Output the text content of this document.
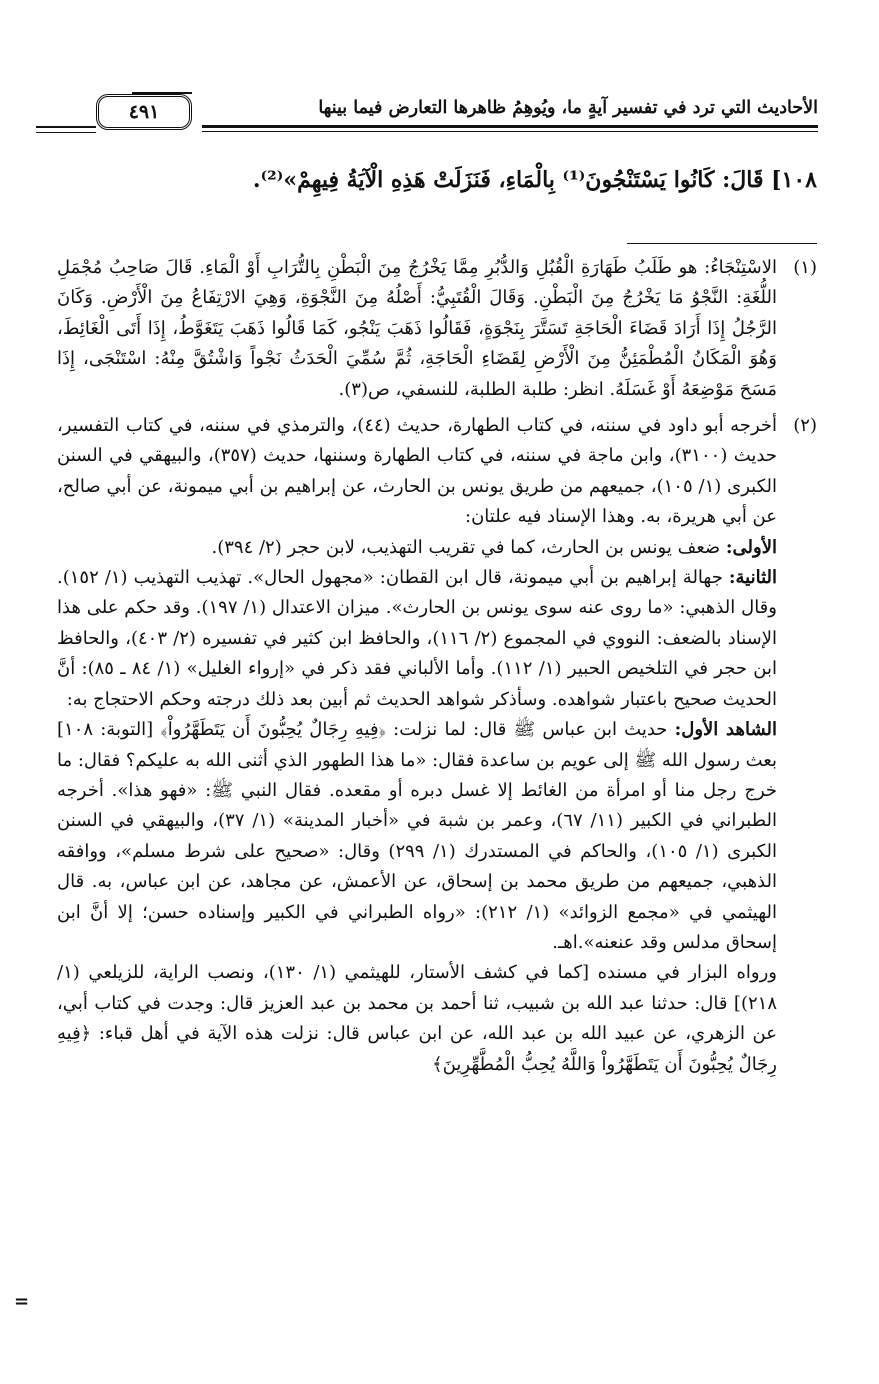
الأحاديث التي ترد في تفسير آيةٍ ما، ويُوهِمُ ظاهرها التعارض فيما بينها
٤٩١
١٠٨] قَالَ: كَانُوا يَسْتَنْجُونَ⁽¹⁾ بِالْمَاءِ، فَنَزَلَتْ هَذِهِ الْآيَةُ فِيهِمْ»⁽²⁾.
(١)

الاسْتِنْجَاءُ: هو طَلَبُ طَهَارَةِ الْقُبُلِ وَالدُّبُرِ مِمَّا يَخْرُجُ مِنَ الْبَطْنِ بِالتُّرَابِ أَوْ الْمَاءِ. قَالَ صَاحِبُ مُجْمَلِ اللُّغَةِ: النَّجْوُ مَا يَخْرُجُ مِنَ الْبَطْنِ. وَقَالَ الْقُتَبِيُّ: أَصْلُهُ مِنَ النَّجْوَةِ، وَهِيَ الارْتِفَاعُ مِنَ الْأَرْضِ. وَكَانَ الرَّجُلُ إِذَا أَرَادَ قَضَاءَ الْحَاجَةِ تَسَتَّرَ بِنَجْوَةٍ، فَقَالُوا ذَهَبَ يَنْجُو، كَمَا قَالُوا ذَهَبَ يَتَغَوَّطُ، إِذَا أَتَى الْغَائِطَ، وَهُوَ الْمَكَانُ الْمُطْمَئِنُّ مِنَ الْأَرْضِ لِقَضَاءِ الْحَاجَةِ، ثُمَّ سُمِّيَ الْحَدَثُ نَجْواً وَاشْتُقَّ مِنْهُ: اسْتَنْجَى، إِذَا مَسَحَ مَوْضِعَهُ أَوْ غَسَلَهُ. انظر: طلبة الطلبة، للنسفي، ص(٣).

(٢)

أخرجه أبو داود في سننه، في كتاب الطهارة، حديث (٤٤)، والترمذي في سننه، في كتاب التفسير، حديث (٣١٠٠)، وابن ماجة في سننه، في كتاب الطهارة وسننها، حديث (٣٥٧)، والبيهقي في السنن الكبرى (١/ ١٠٥)، جميعهم من طريق يونس بن الحارث، عن إبراهيم بن أبي ميمونة، عن أبي صالح، عن أبي هريرة، به. وهذا الإسناد فيه علتان:

الأولى: ضعف يونس بن الحارث، كما في تقريب التهذيب، لابن حجر (٢/ ٣٩٤).

الثانية: جهالة إبراهيم بن أبي ميمونة، قال ابن القطان: «مجهول الحال». تهذيب التهذيب (١/ ١٥٢). وقال الذهبي: «ما روى عنه سوى يونس بن الحارث». ميزان الاعتدال (١/ ١٩٧). وقد حكم على هذا الإسناد بالضعف: النووي في المجموع (٢/ ١١٦)، والحافظ ابن كثير في تفسيره (٢/ ٤٠٣)، والحافظ ابن حجر في التلخيص الحبير (١/ ١١٢). وأما الألباني فقد ذكر في «إرواء الغليل» (١/ ٨٤ ـ ٨٥): أنَّ الحديث صحيح باعتبار شواهده. وسأذكر شواهد الحديث ثم أبين بعد ذلك درجته وحكم الاحتجاج به:

الشاهد الأول: حديث ابن عباس ﷺ قال: لما نزلت: ﴿فِيهِ رِجَالٌ يُحِبُّونَ أَن يَتَطَهَّرُواْ﴾ [التوبة: ١٠٨] بعث رسول الله ﷺ إلى عويم بن ساعدة فقال: «ما هذا الطهور الذي أثنى الله به عليكم؟ فقال: ما خرج رجل منا أو امرأة من الغائط إلا غسل دبره أو مقعده. فقال النبي ﷺ: «فهو هذا». أخرجه الطبراني في الكبير (١١/ ٦٧)، وعمر بن شبة في «أخبار المدينة» (١/ ٣٧)، والبيهقي في السنن الكبرى (١/ ١٠٥)، والحاكم في المستدرك (١/ ٢٩٩) وقال: «صحيح على شرط مسلم»، ووافقه الذهبي، جميعهم من طريق محمد بن إسحاق، عن الأعمش، عن مجاهد، عن ابن عباس، به. قال الهيثمي في «مجمع الزوائد» (١/ ٢١٢): «رواه الطبراني في الكبير وإسناده حسن؛ إلا أنَّ ابن إسحاق مدلس وقد عنعنه».اهـ.

ورواه البزار في مسنده [كما في كشف الأستار، للهيثمي (١/ ١٣٠)، ونصب الراية، للزيلعي (١/ ٢١٨)] قال: حدثنا عبد الله بن شبيب، ثنا أحمد بن محمد بن عبد العزيز قال: وجدت في كتاب أبي، عن الزهري، عن عبيد الله بن عبد الله، عن ابن عباس قال: نزلت هذه الآية في أهل قباء: ﴿فِيهِ رِجَالٌ يُحِبُّونَ أَن يَتَطَهَّرُواْ وَاللَّهُ يُحِبُّ الْمُطَّهِّرِينَ﴾

=
